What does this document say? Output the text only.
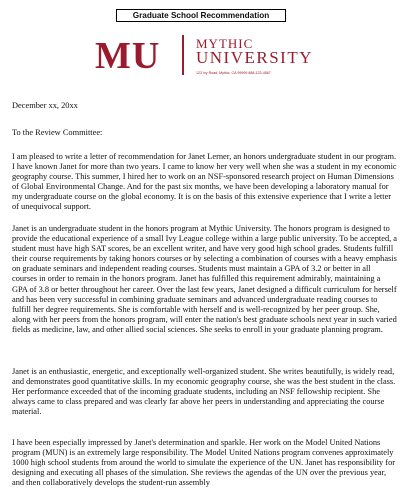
Graduate School Recommendation
MU	MYTHIC
UNIVERSITY
123 Ivy Road, Mythic, CA 99999 888-123-4567
December xx, 20xx
To the Review Committee:

I am pleased to write a letter of recommendation for Janet Lerner, an honors undergraduate student in our program. I have known Janet for more than two years. I came to know her very well when she was a student in my economic geography course. This summer, I hired her to work on an NSF-sponsored research project on Human Dimensions of Global Environmental Change. And for the past six months, we have been developing a laboratory manual for my undergraduate course on the global economy. It is on the basis of this extensive experience that I write a letter of unequivocal support.

Janet is an undergraduate student in the honors program at Mythic University. The honors program is designed to provide the educational experience of a small Ivy League college within a large public university. To be accepted, a student must have high SAT scores, be an excellent writer, and have very good high school grades. Students fulfill their course requirements by taking honors courses or by selecting a combination of courses with a heavy emphasis on graduate seminars and independent reading courses. Students must maintain a GPA of 3.2 or better in all courses in order to remain in the honors program. Janet has fulfilled this requirement admirably, maintaining a GPA of 3.8 or better throughout her career. Over the last few years, Janet designed a difficult curriculum for herself and has been very successful in combining graduate seminars and advanced undergraduate reading courses to fulfill her degree requirements. She is comfortable with herself and is well-recognized by her peer group. She, along with her peers from the honors program, will enter the nation's best graduate schools next year in such varied fields as medicine, law, and other allied social sciences. She seeks to enroll in your graduate planning program.

Janet is an enthusiastic, energetic, and exceptionally well-organized student. She writes beautifully, is widely read, and demonstrates good quantitative skills. In my economic geography course, she was the best student in the class. Her performance exceeded that of the incoming graduate students, including an NSF fellowship recipient. She always came to class prepared and was clearly far above her peers in understanding and appreciating the course material.

I have been especially impressed by Janet's determination and sparkle. Her work on the Model United Nations program (MUN) is an extremely large responsibility. The Model United Nations program convenes approximately 1000 high school students from around the world to simulate the experience of the UN. Janet has responsibility for designing and executing all phases of the simulation. She reviews the agendas of the UN over the previous year, and then collaboratively develops the student-run assembly
